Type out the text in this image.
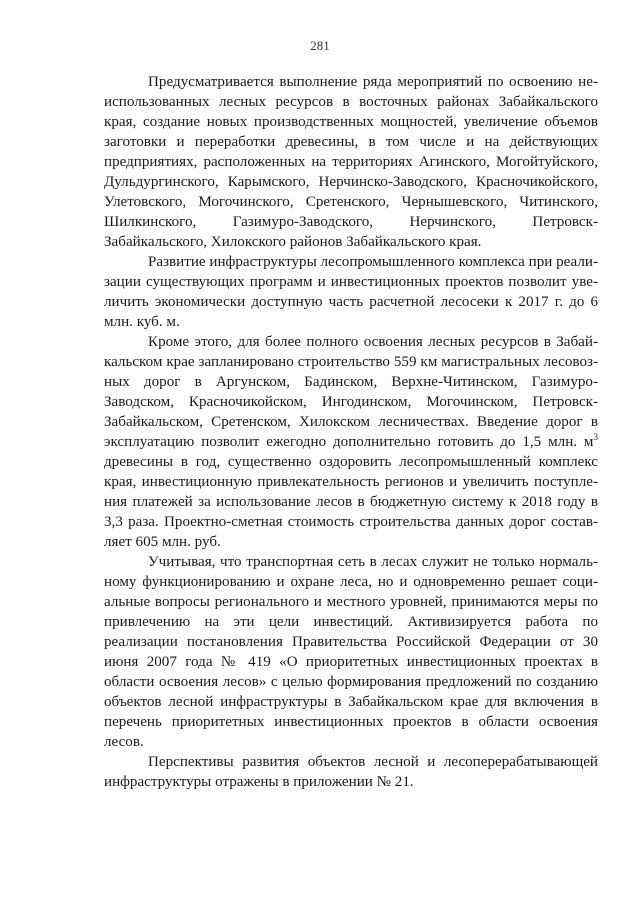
281

Предусматривается выполнение ряда мероприятий по освоению неиспользованных лесных ресурсов в восточных районах Забайкальского края, создание новых производственных мощностей, увеличение объемов заготовки и переработки древесины, в том числе и на действующих предприятиях, расположенных на территориях Агинского, Могойтуйского, Дульдургинского, Карымского, Нерчинско-Заводского, Красночикойского, Улетовского, Могочинского, Сретенского, Чернышевского, Читинского, Шилкинского, Газимуро-Заводского, Нерчинского, Петровск-Забайкальского, Хилокского районов Забайкальского края.

Развитие инфраструктуры лесопромышленного комплекса при реализации существующих программ и инвестиционных проектов позволит увеличить экономически доступную часть расчетной лесосеки к 2017 г. до 6 млн. куб. м.

Кроме этого, для более полного освоения лесных ресурсов в Забайкальском крае запланировано строительство 559 км магистральных лесовозных дорог в Аргунском, Бадинском, Верхне-Читинском, Газимуро-Заводском, Красночикойском, Ингодинском, Могочинском, Петровск-Забайкальском, Сретенском, Хилокском лесничествах. Введение дорог в эксплуатацию позволит ежегодно дополнительно готовить до 1,5 млн. $м^3$ древесины в год, существенно оздоровить лесопромышленный комплекс края, инвестиционную привлекательность регионов и увеличить поступления платежей за использование лесов в бюджетную систему к 2018 году в 3,3 раза. Проектно-сметная стоимость строительства данных дорог составляет 605 млн. руб.

Учитывая, что транспортная сеть в лесах служит не только нормальному функционированию и охране леса, но и одновременно решает социальные вопросы регионального и местного уровней, принимаются меры по привлечению на эти цели инвестиций. Активизируется работа по реализации постановления Правительства Российской Федерации от 30 июня 2007 года № 419 «О приоритетных инвестиционных проектах в области освоения лесов» с целью формирования предложений по созданию объектов лесной инфраструктуры в Забайкальском крае для включения в перечень приоритетных инвестиционных проектов в области освоения лесов.

Перспективы развития объектов лесной и лесоперерабатывающей инфраструктуры отражены в приложении № 21.
